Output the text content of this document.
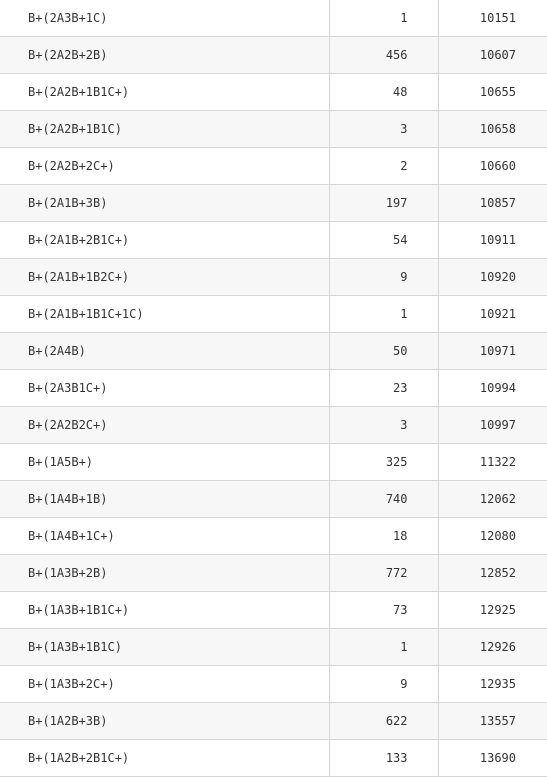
B+(2A3B+1C)	1	10151
B+(2A2B+2B)	456	10607
B+(2A2B+1B1C+)	48	10655
B+(2A2B+1B1C)	3	10658
B+(2A2B+2C+)	2	10660
B+(2A1B+3B)	197	10857
B+(2A1B+2B1C+)	54	10911
B+(2A1B+1B2C+)	9	10920
B+(2A1B+1B1C+1C)	1	10921
B+(2A4B)	50	10971
B+(2A3B1C+)	23	10994
B+(2A2B2C+)	3	10997
B+(1A5B+)	325	11322
B+(1A4B+1B)	740	12062
B+(1A4B+1C+)	18	12080
B+(1A3B+2B)	772	12852
B+(1A3B+1B1C+)	73	12925
B+(1A3B+1B1C)	1	12926
B+(1A3B+2C+)	9	12935
B+(1A2B+3B)	622	13557
B+(1A2B+2B1C+)	133	13690
